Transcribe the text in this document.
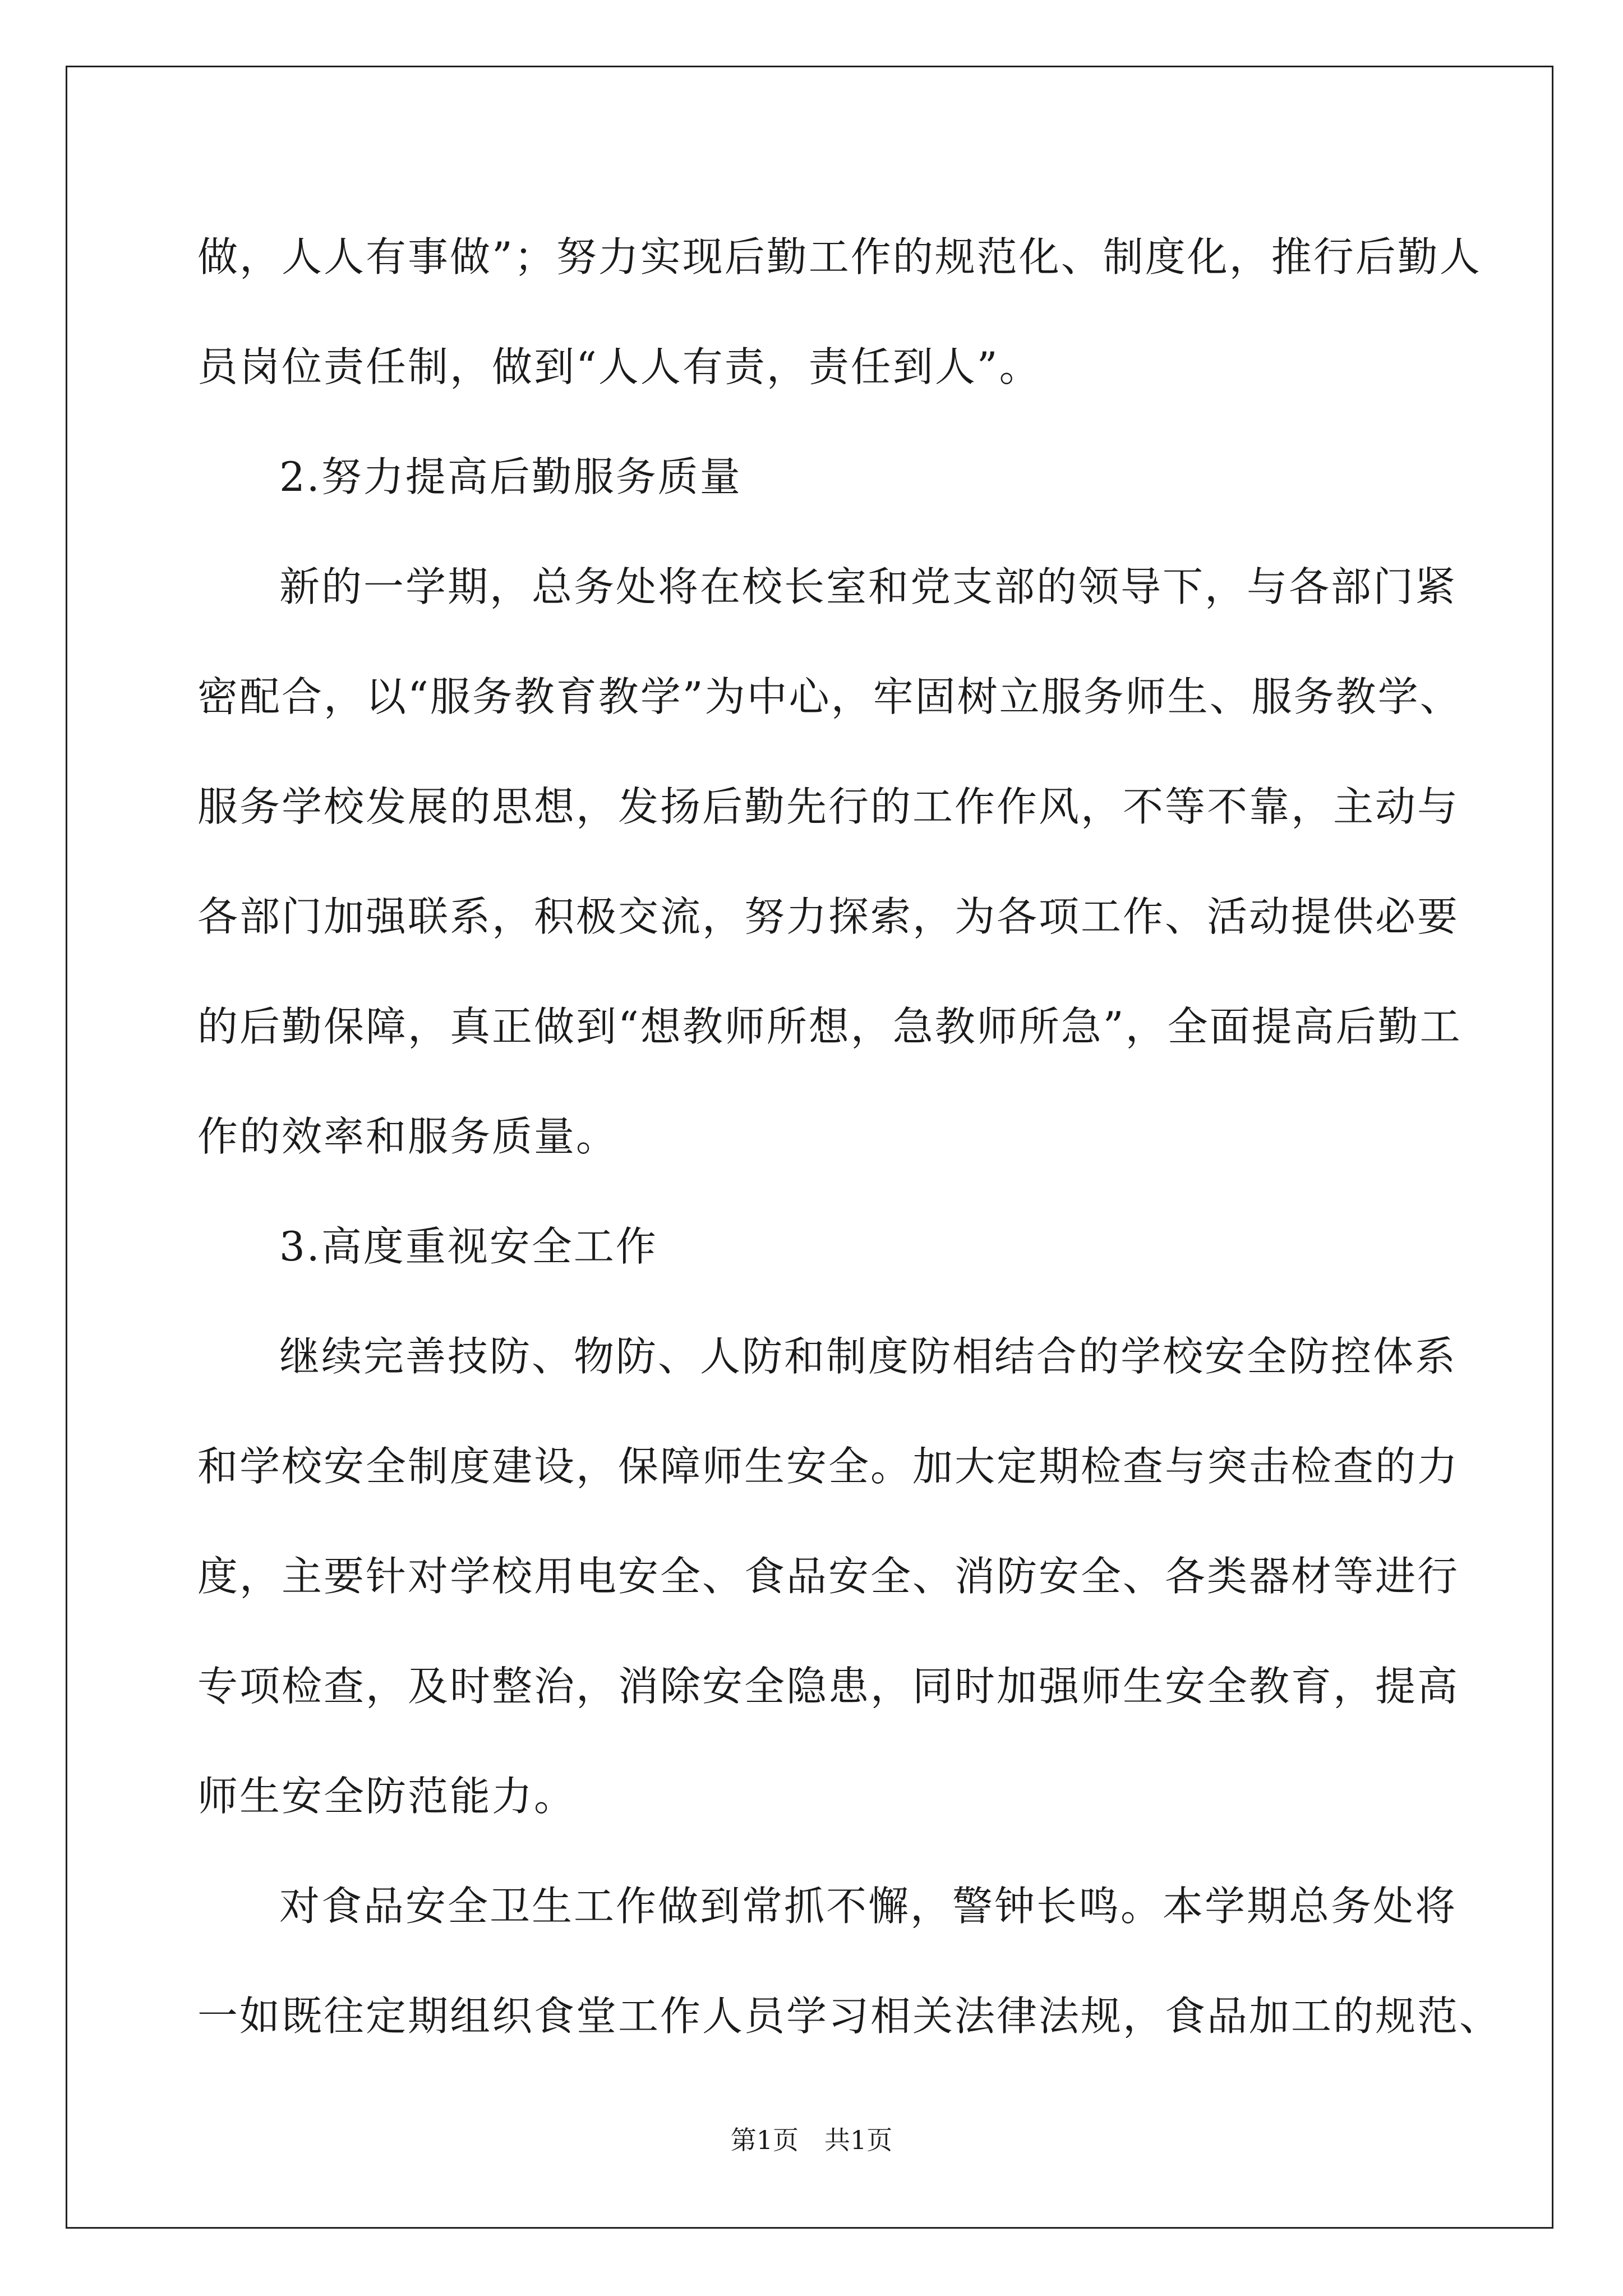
做，人人有事做”；努力实现后勤工作的规范化、制度化，推行后勤人
员岗位责任制，做到“人人有责，责任到人”。
2.努力提高后勤服务质量
新的一学期，总务处将在校长室和党支部的领导下，与各部门紧
密配合，以“服务教育教学”为中心，牢固树立服务师生、服务教学、
服务学校发展的思想，发扬后勤先行的工作作风，不等不靠，主动与
各部门加强联系，积极交流，努力探索，为各项工作、活动提供必要
的后勤保障，真正做到“想教师所想，急教师所急”，全面提高后勤工
作的效率和服务质量。
3.高度重视安全工作
继续完善技防、物防、人防和制度防相结合的学校安全防控体系
和学校安全制度建设，保障师生安全。加大定期检查与突击检查的力
度，主要针对学校用电安全、食品安全、消防安全、各类器材等进行
专项检查，及时整治，消除安全隐患，同时加强师生安全教育，提高
师生安全防范能力。
对食品安全卫生工作做到常抓不懈，警钟长鸣。本学期总务处将
一如既往定期组织食堂工作人员学习相关法律法规，食品加工的规范、
第1页　共1页
